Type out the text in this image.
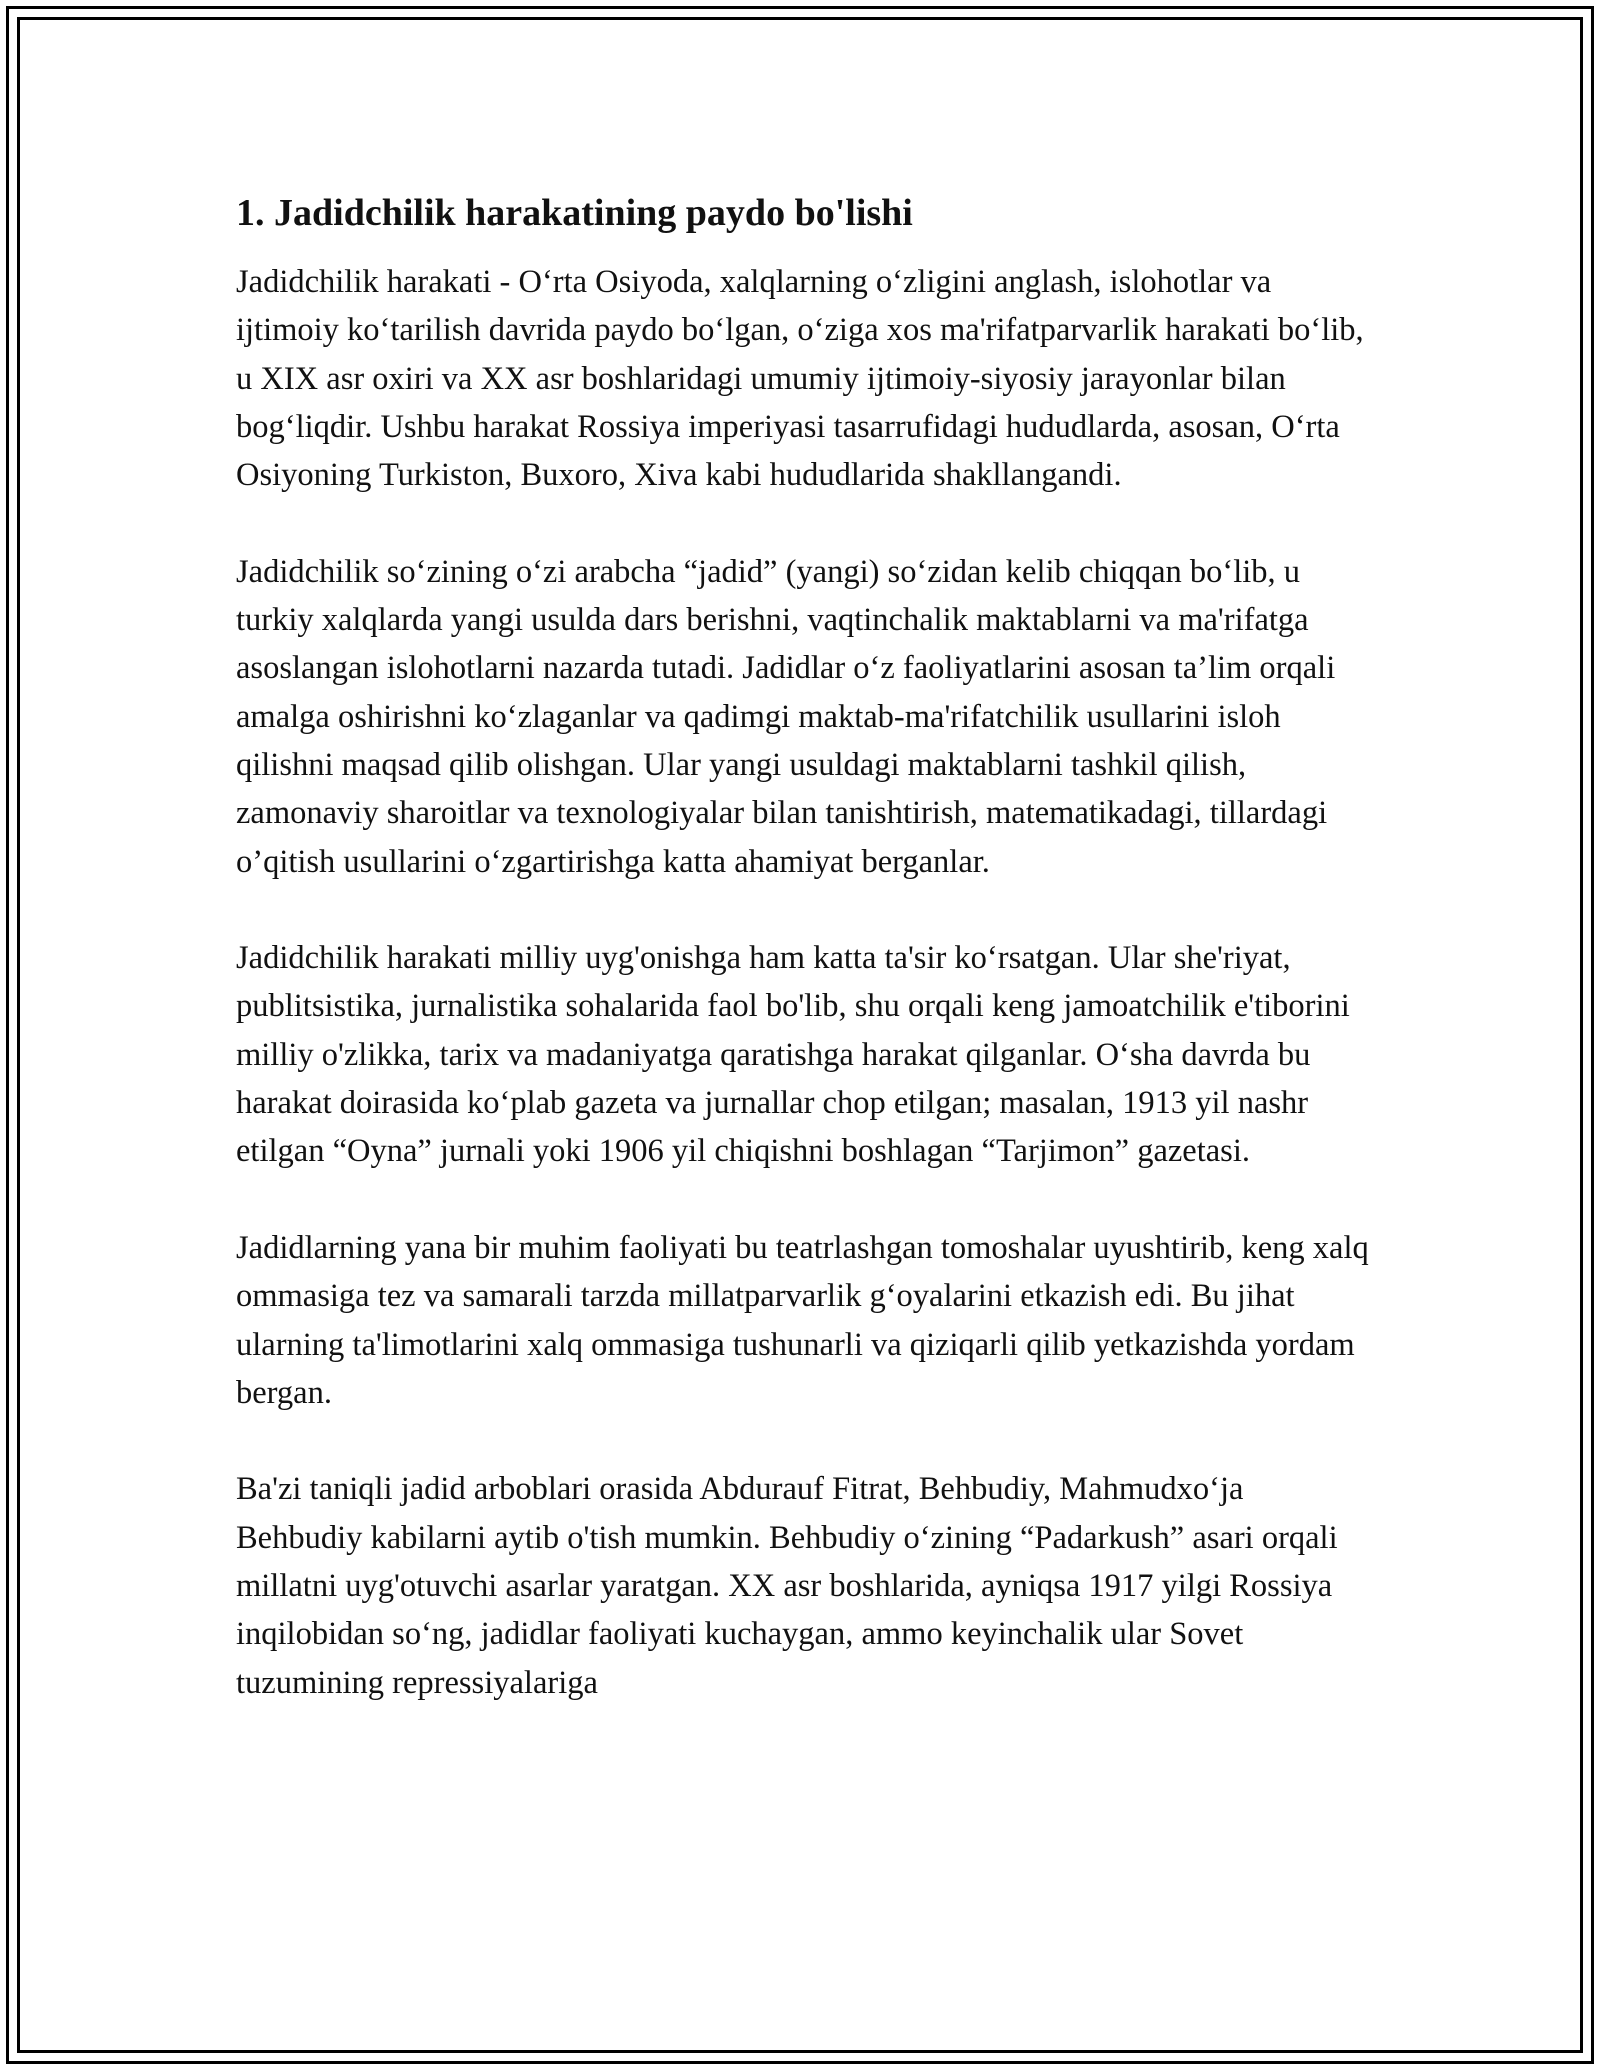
1. Jadidchilik harakatining paydo bo'lishi

Jadidchilik harakati - O‘rta Osiyoda, xalqlarning o‘zligini anglash, islohotlar va ijtimoiy ko‘tarilish davrida paydo bo‘lgan, o‘ziga xos ma'rifatparvarlik harakati bo‘lib, u XIX asr oxiri va XX asr boshlaridagi umumiy ijtimoiy-siyosiy jarayonlar bilan bog‘liqdir. Ushbu harakat Rossiya imperiyasi tasarrufidagi hududlarda, asosan, O‘rta Osiyoning Turkiston, Buxoro, Xiva kabi hududlarida shakllangandi.

Jadidchilik so‘zining o‘zi arabcha “jadid” (yangi) so‘zidan kelib chiqqan bo‘lib, u turkiy xalqlarda yangi usulda dars berishni, vaqtinchalik maktablarni va ma'rifatga asoslangan islohotlarni nazarda tutadi. Jadidlar o‘z faoliyatlarini asosan ta’lim orqali amalga oshirishni ko‘zlaganlar va qadimgi maktab-ma'rifatchilik usullarini isloh qilishni maqsad qilib olishgan. Ular yangi usuldagi maktablarni tashkil qilish, zamonaviy sharoitlar va texnologiyalar bilan tanishtirish, matematikadagi, tillardagi o’qitish usullarini o‘zgartirishga katta ahamiyat berganlar.

Jadidchilik harakati milliy uyg'onishga ham katta ta'sir ko‘rsatgan. Ular she'riyat, publitsistika, jurnalistika sohalarida faol bo'lib, shu orqali keng jamoatchilik e'tiborini milliy o'zlikka, tarix va madaniyatga qaratishga harakat qilganlar. O‘sha davrda bu harakat doirasida ko‘plab gazeta va jurnallar chop etilgan; masalan, 1913 yil nashr etilgan “Oyna” jurnali yoki 1906 yil chiqishni boshlagan “Tarjimon” gazetasi.

Jadidlarning yana bir muhim faoliyati bu teatrlashgan tomoshalar uyushtirib, keng xalq ommasiga tez va samarali tarzda millatparvarlik g‘oyalarini etkazish edi. Bu jihat ularning ta'limotlarini xalq ommasiga tushunarli va qiziqarli qilib yetkazishda yordam bergan.

Ba'zi taniqli jadid arboblari orasida Abdurauf Fitrat, Behbudiy, Mahmudxo‘ja Behbudiy kabilarni aytib o'tish mumkin. Behbudiy o‘zining “Padarkush” asari orqali millatni uyg'otuvchi asarlar yaratgan. XX asr boshlarida, ayniqsa 1917 yilgi Rossiya inqilobidan so‘ng, jadidlar faoliyati kuchaygan, ammo keyinchalik ular Sovet tuzumining repressiyalariga
